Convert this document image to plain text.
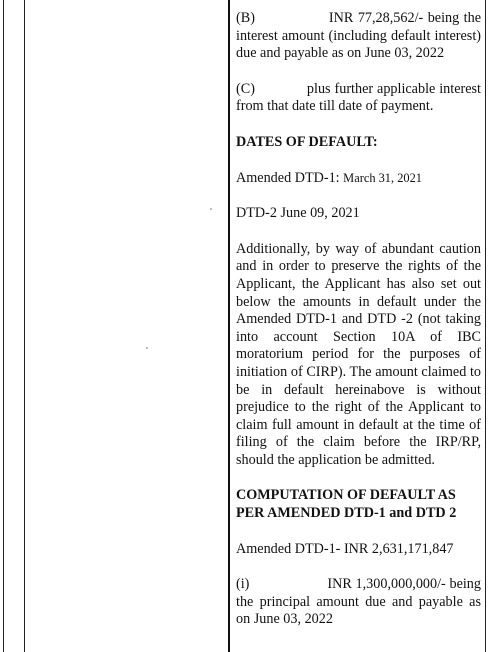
(B)	INR 77,28,562/- being the interest amount (including default interest) due and payable as on June 03, 2022

(C)	plus further applicable interest from that date till date of payment.

DATES OF DEFAULT:

Amended DTD-1: March 31, 2021

DTD-2 June 09, 2021

Additionally, by way of abundant caution and in order to preserve the rights of the Applicant, the Applicant has also set out below the amounts in default under the Amended DTD-1 and DTD -2 (not taking into account Section 10A of IBC moratorium period for the purposes of initiation of CIRP). The amount claimed to be in default hereinabove is without prejudice to the right of the Applicant to claim full amount in default at the time of filing of the claim before the IRP/RP, should the application be admitted.

COMPUTATION OF DEFAULT AS PER AMENDED DTD-1 and DTD 2

Amended DTD-1- INR 2,631,171,847

(i)	INR 1,300,000,000/- being the principal amount due and payable as on June 03, 2022
